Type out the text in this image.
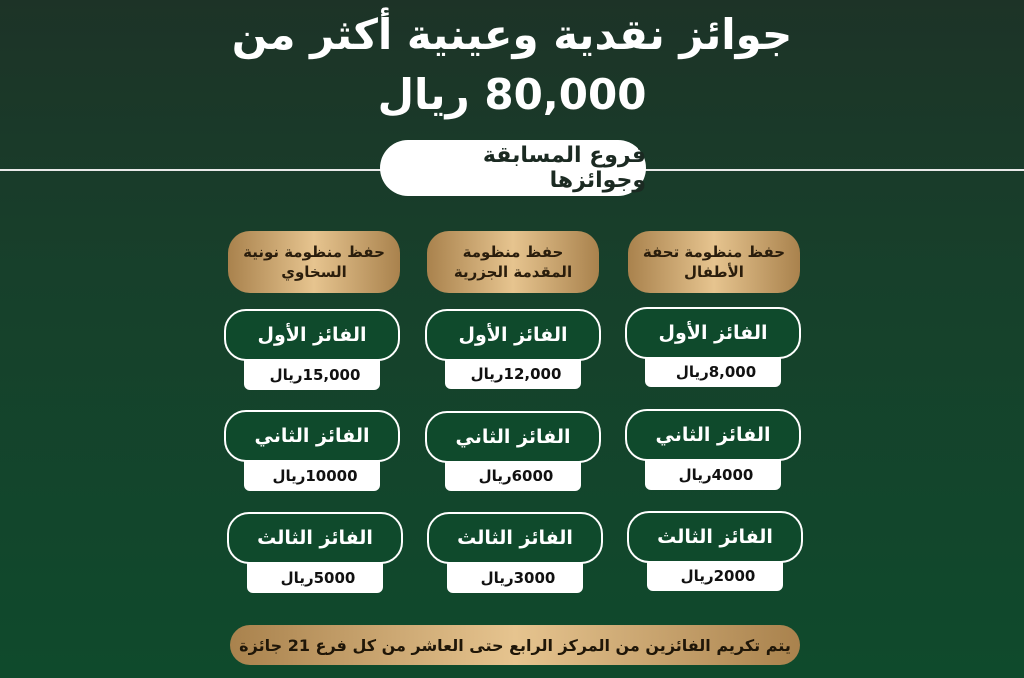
جوائز نقدية وعينية أكثر من
80,000 ريال
فروع المسابقة وجوائزها
حفظ منظومة تحفة الأطفال
الفائز الأول
8,000
ريال
الفائز الثاني
4000
ريال
الفائز الثالث
2000
ريال
حفظ منظومة المقدمة الجزرية
الفائز الأول
12,000
ريال
الفائز الثاني
6000
ريال
الفائز الثالث
3000
ريال
حفظ منظومة نونية السخاوي
الفائز الأول
15,000
ريال
الفائز الثاني
10000
ريال
الفائز الثالث
5000
ريال
يتم تكريم الفائزين من المركز الرابع حتى العاشر من كل فرع 21 جائزة
